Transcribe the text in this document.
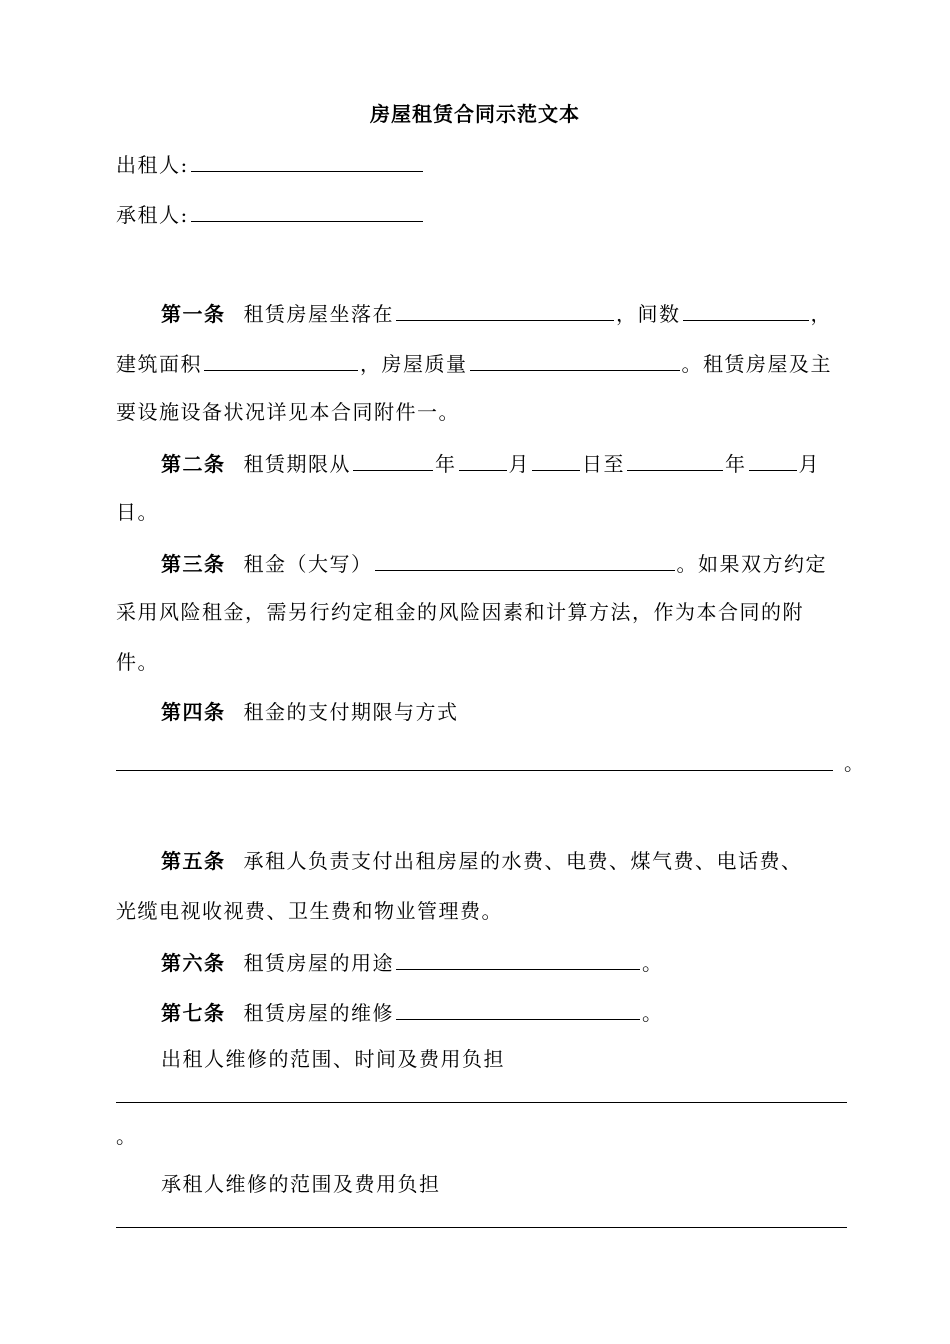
房屋租赁合同示范文本
出租人:
承租人:
第一条 租赁房屋坐落在	，间数	，
建筑面积	，房屋质量	。租赁房屋及主
要设施设备状况详见本合同附件一。
第二条 租赁期限从	年	月	日至	年	月
日。
第三条 租金（大写）	。如果双方约定
采用风险租金，需另行约定租金的风险因素和计算方法，作为本合同的附
件。
第四条 租金的支付期限与方式
。
第五条 承租人负责支付出租房屋的水费、电费、煤气费、电话费、
光缆电视收视费、卫生费和物业管理费。
第六条 租赁房屋的用途	。
第七条 租赁房屋的维修	。
出租人维修的范围、时间及费用负担
。
承租人维修的范围及费用负担
